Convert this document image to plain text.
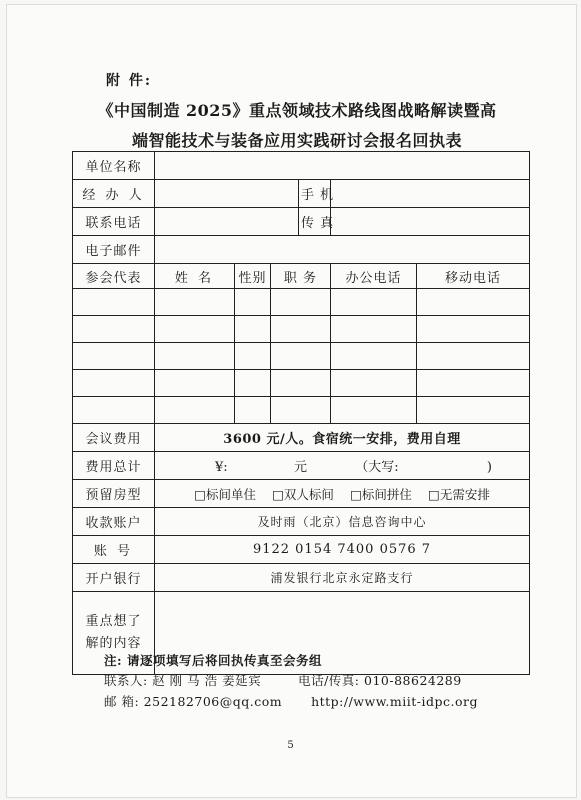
附 件:
《中国制造 2025》重点领域技术路线图战略解读暨高
端智能技术与装备应用实践研讨会报名回执表
单位名称						
经 办 人				手 机		
联系电话				传 真		
电子邮件						
参会代表	姓 名	性别	职 务		办公电话	移动电话

会议费用	3600 元/人。食宿统一安排，费用自理					
费用总计	¥: 元 （大写: )					
预留房型	□标间单住 □双人标间 □标间拼住 □无需安排					
收款账户	及时雨（北京）信息咨询中心					
账 号	9122 0154 7400 0576 7					
开户银行	浦发银行北京永定路支行					

重点想了
解的内容						

注: 请逐项填写后将回执传真至会务组
联系人: 赵 刚 马 浩 姜延宾	电话/传真: 010-88624289
邮 箱: 252182706@qq.com http://www.miit-idpc.org
5
